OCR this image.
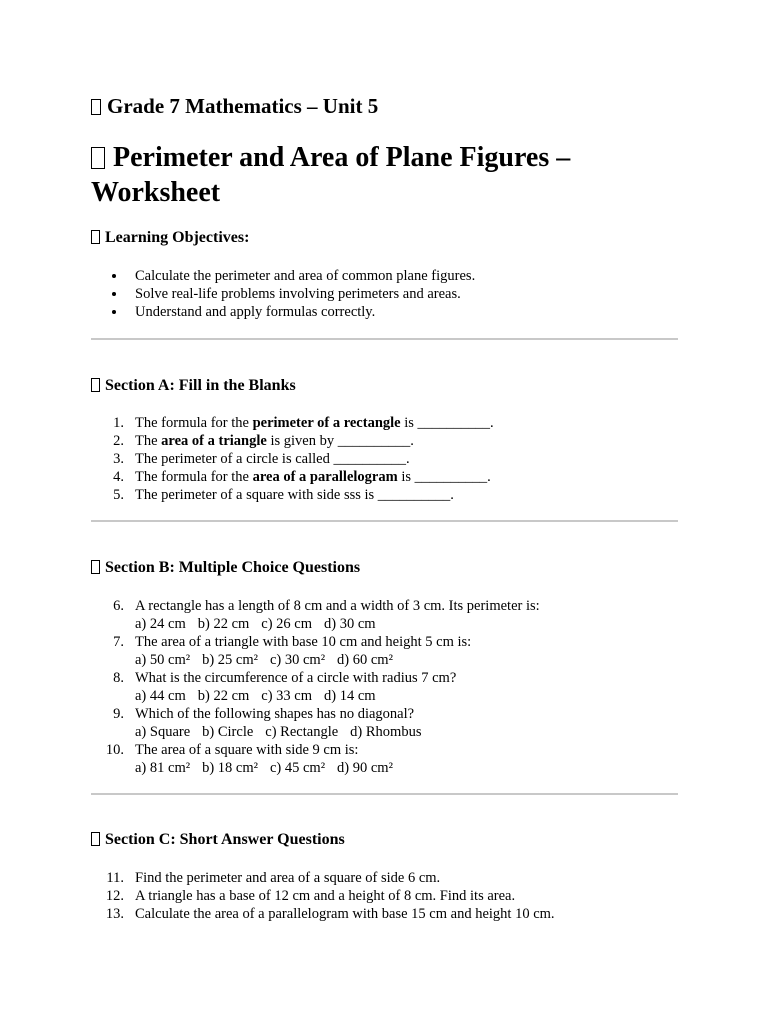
Grade 7 Mathematics – Unit 5
Perimeter and Area of Plane Figures – Worksheet
Learning Objectives:
Calculate the perimeter and area of common plane figures.
Solve real-life problems involving perimeters and areas.
Understand and apply formulas correctly.
Section A: Fill in the Blanks
1. The formula for the perimeter of a rectangle is __________.
2. The area of a triangle is given by __________.
3. The perimeter of a circle is called __________.
4. The formula for the area of a parallelogram is __________.
5. The perimeter of a square with side sss is __________.
Section B: Multiple Choice Questions
6. A rectangle has a length of 8 cm and a width of 3 cm. Its perimeter is:
a) 24 cm b) 22 cm c) 26 cm d) 30 cm
7. The area of a triangle with base 10 cm and height 5 cm is:
a) 50 cm² b) 25 cm² c) 30 cm² d) 60 cm²
8. What is the circumference of a circle with radius 7 cm?
a) 44 cm b) 22 cm c) 33 cm d) 14 cm
9. Which of the following shapes has no diagonal?
a) Square b) Circle c) Rectangle d) Rhombus
10. The area of a square with side 9 cm is:
a) 81 cm² b) 18 cm² c) 45 cm² d) 90 cm²
Section C: Short Answer Questions
11. Find the perimeter and area of a square of side 6 cm.
12. A triangle has a base of 12 cm and a height of 8 cm. Find its area.
13. Calculate the area of a parallelogram with base 15 cm and height 10 cm.
